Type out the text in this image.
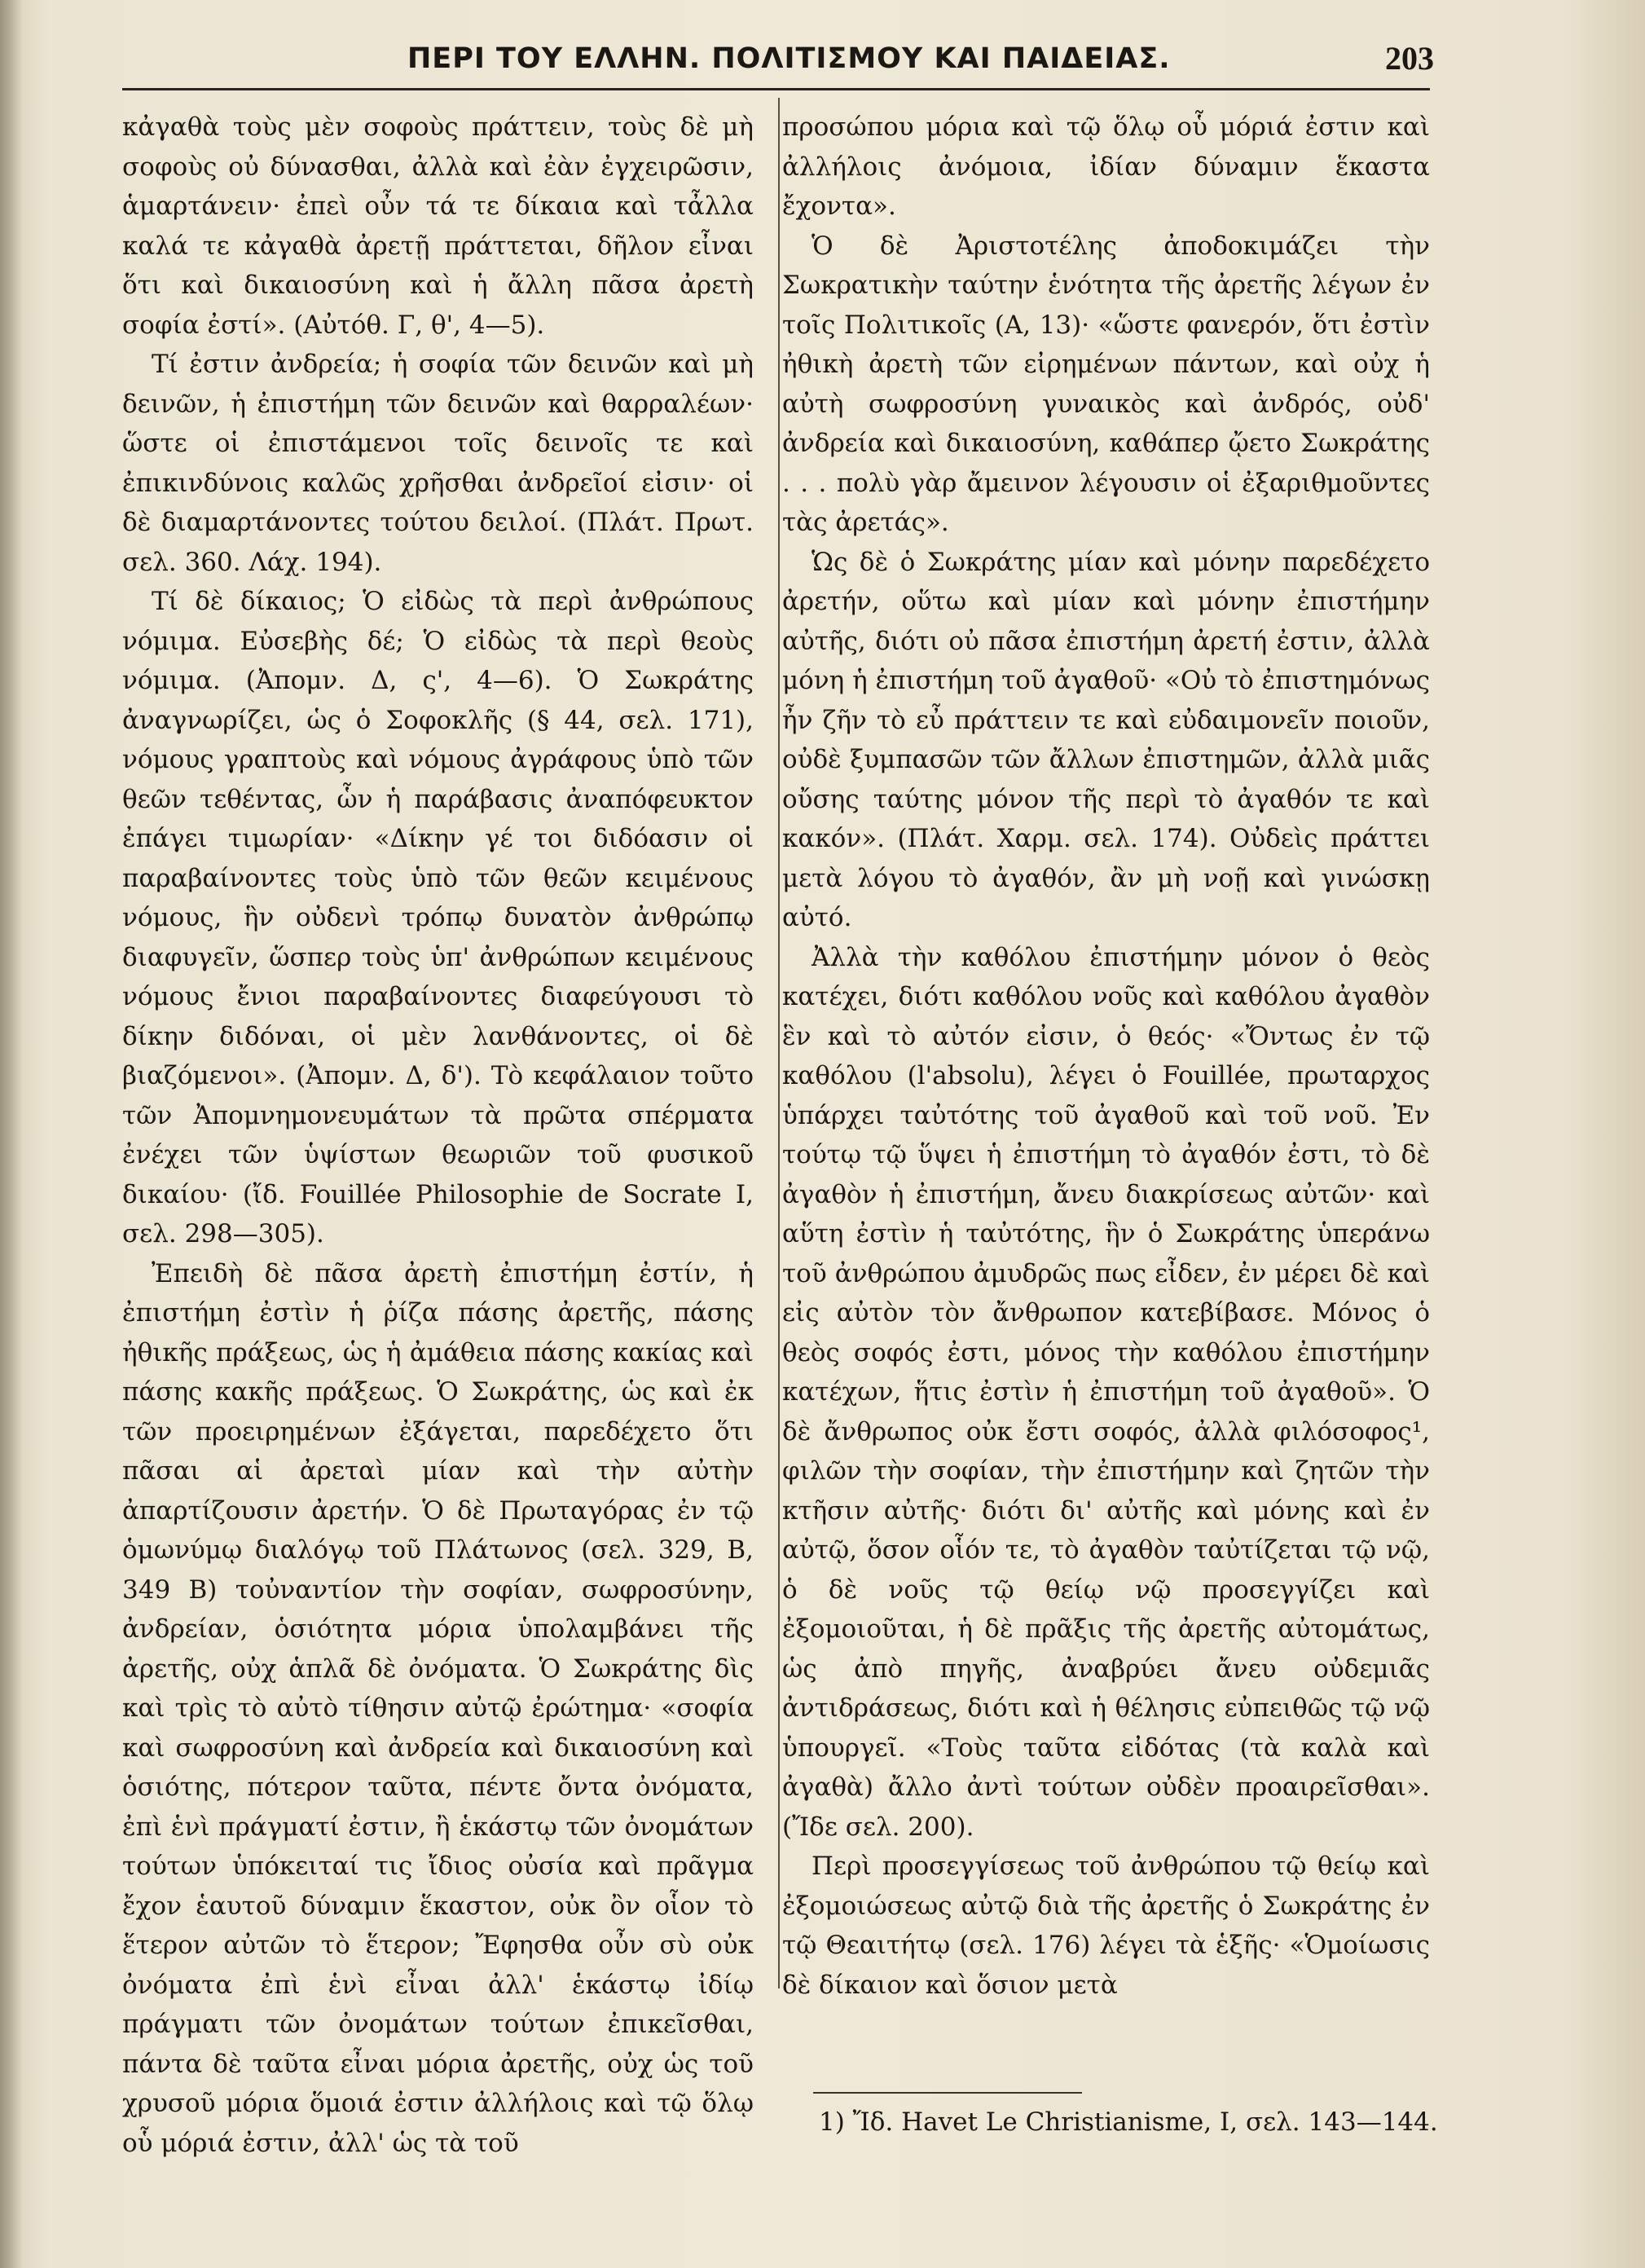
ΠΕΡΙ ΤΟΥ ΕΛΛΗΝ. ΠΟΛΙΤΙΣΜΟΥ ΚΑΙ ΠΑΙΔΕΙΑΣ.	203

κἀγαθὰ τοὺς μὲν σοφοὺς πράττειν, τοὺς δὲ μὴ σοφοὺς οὐ δύνασθαι, ἀλλὰ καὶ ἐὰν ἐγχειρῶσιν, ἁμαρτάνειν· ἐπεὶ οὖν τά τε δίκαια καὶ τἆλλα καλά τε κἀγαθὰ ἀρετῇ πράττεται, δῆλον εἶναι ὅτι καὶ δικαιοσύνη καὶ ἡ ἄλλη πᾶσα ἀρετὴ σοφία ἐστί». (Αὐτόθ. Γ, θ', 4—5).

Τί ἐστιν ἀνδρεία; ἡ σοφία τῶν δεινῶν καὶ μὴ δεινῶν, ἡ ἐπιστήμη τῶν δεινῶν καὶ θαρραλέων· ὥστε οἱ ἐπιστάμενοι τοῖς δεινοῖς τε καὶ ἐπικινδύνοις καλῶς χρῆσθαι ἀνδρεῖοί εἰσιν· οἱ δὲ διαμαρτάνοντες τούτου δειλοί. (Πλάτ. Πρωτ. σελ. 360. Λάχ. 194).

Τί δὲ δίκαιος; Ὁ εἰδὼς τὰ περὶ ἀνθρώπους νόμιμα. Εὐσεβὴς δέ; Ὁ εἰδὼς τὰ περὶ θεοὺς νόμιμα. (Ἀπομν. Δ, ς', 4—6). Ὁ Σωκράτης ἀναγνωρίζει, ὡς ὁ Σοφοκλῆς (§ 44, σελ. 171), νόμους γραπτοὺς καὶ νόμους ἀγράφους ὑπὸ τῶν θεῶν τεθέντας, ὧν ἡ παράβασις ἀναπόφευκτον ἐπάγει τιμωρίαν· «Δίκην γέ τοι διδόασιν οἱ παραβαίνοντες τοὺς ὑπὸ τῶν θεῶν κειμένους νόμους, ἣν οὐδενὶ τρόπῳ δυνατὸν ἀνθρώπῳ διαφυγεῖν, ὥσπερ τοὺς ὑπ' ἀνθρώπων κειμένους νόμους ἔνιοι παραβαίνοντες διαφεύγουσι τὸ δίκην διδόναι, οἱ μὲν λανθάνοντες, οἱ δὲ βιαζόμενοι». (Ἀπομν. Δ, δ'). Τὸ κεφάλαιον τοῦτο τῶν Ἀπομνημονευμάτων τὰ πρῶτα σπέρματα ἐνέχει τῶν ὑψίστων θεωριῶν τοῦ φυσικοῦ δικαίου· (ἴδ. Fouillée Philosophie de Socrate I, σελ. 298—305).

Ἐπειδὴ δὲ πᾶσα ἀρετὴ ἐπιστήμη ἐστίν, ἡ ἐπιστήμη ἐστὶν ἡ ῥίζα πάσης ἀρετῆς, πάσης ἠθικῆς πράξεως, ὡς ἡ ἀμάθεια πάσης κακίας καὶ πάσης κακῆς πράξεως. Ὁ Σωκράτης, ὡς καὶ ἐκ τῶν προειρημένων ἐξάγεται, παρεδέχετο ὅτι πᾶσαι αἱ ἀρεταὶ μίαν καὶ τὴν αὐτὴν ἀπαρτίζουσιν ἀρετήν. Ὁ δὲ Πρωταγόρας ἐν τῷ ὁμωνύμῳ διαλόγῳ τοῦ Πλάτωνος (σελ. 329, Β, 349 Β) τοὐναντίον τὴν σοφίαν, σωφροσύνην, ἀνδρείαν, ὁσιότητα μόρια ὑπολαμβάνει τῆς ἀρετῆς, οὐχ ἁπλᾶ δὲ ὀνόματα. Ὁ Σωκράτης δὶς καὶ τρὶς τὸ αὐτὸ τίθησιν αὐτῷ ἐρώτημα· «σοφία καὶ σωφροσύνη καὶ ἀνδρεία καὶ δικαιοσύνη καὶ ὁσιότης, πότερον ταῦτα, πέντε ὄντα ὀνόματα, ἐπὶ ἑνὶ πράγματί ἐστιν, ἢ ἑκάστῳ τῶν ὀνομάτων τούτων ὑπόκειταί τις ἴδιος οὐσία καὶ πρᾶγμα ἔχον ἑαυτοῦ δύναμιν ἕκαστον, οὐκ ὂν οἷον τὸ ἕτερον αὐτῶν τὸ ἕτερον; Ἔφησθα οὖν σὺ οὐκ ὀνόματα ἐπὶ ἑνὶ εἶναι ἀλλ' ἑκάστῳ ἰδίῳ πράγματι τῶν ὀνομάτων τούτων ἐπικεῖσθαι, πάντα δὲ ταῦτα εἶναι μόρια ἀρετῆς, οὐχ ὡς τοῦ χρυσοῦ μόρια ὅμοιά ἐστιν ἀλλήλοις καὶ τῷ ὅλῳ οὗ μόριά ἐστιν, ἀλλ' ὡς τὰ τοῦ

προσώπου μόρια καὶ τῷ ὅλῳ οὗ μόριά ἐστιν καὶ ἀλλήλοις ἀνόμοια, ἰδίαν δύναμιν ἕκαστα ἔχοντα».

Ὁ δὲ Ἀριστοτέλης ἀποδοκιμάζει τὴν Σωκρατικὴν ταύτην ἑνότητα τῆς ἀρετῆς λέγων ἐν τοῖς Πολιτικοῖς (Α, 13)· «ὥστε φανερόν, ὅτι ἐστὶν ἠθικὴ ἀρετὴ τῶν εἰρημένων πάντων, καὶ οὐχ ἡ αὐτὴ σωφροσύνη γυναικὸς καὶ ἀνδρός, οὐδ' ἀνδρεία καὶ δικαιοσύνη, καθάπερ ᾤετο Σωκράτης . . . πολὺ γὰρ ἄμεινον λέγουσιν οἱ ἐξαριθμοῦντες τὰς ἀρετάς».

Ὡς δὲ ὁ Σωκράτης μίαν καὶ μόνην παρεδέχετο ἀρετήν, οὕτω καὶ μίαν καὶ μόνην ἐπιστήμην αὐτῆς, διότι οὐ πᾶσα ἐπιστήμη ἀρετή ἐστιν, ἀλλὰ μόνη ἡ ἐπιστήμη τοῦ ἀγαθοῦ· «Οὐ τὸ ἐπιστημόνως ἦν ζῆν τὸ εὖ πράττειν τε καὶ εὐδαιμονεῖν ποιοῦν, οὐδὲ ξυμπασῶν τῶν ἄλλων ἐπιστημῶν, ἀλλὰ μιᾶς οὔσης ταύτης μόνον τῆς περὶ τὸ ἀγαθόν τε καὶ κακόν». (Πλάτ. Χαρμ. σελ. 174). Οὐδεὶς πράττει μετὰ λόγου τὸ ἀγαθόν, ἂν μὴ νοῇ καὶ γινώσκῃ αὐτό.

Ἀλλὰ τὴν καθόλου ἐπιστήμην μόνον ὁ θεὸς κατέχει, διότι καθόλου νοῦς καὶ καθόλου ἀγαθὸν ἓν καὶ τὸ αὐτόν εἰσιν, ὁ θεός· «Ὄντως ἐν τῷ καθόλου (l'absolu), λέγει ὁ Fouillée, πρωταρχος ὑπάρχει ταὐτότης τοῦ ἀγαθοῦ καὶ τοῦ νοῦ. Ἐν τούτῳ τῷ ὕψει ἡ ἐπιστήμη τὸ ἀγαθόν ἐστι, τὸ δὲ ἀγαθὸν ἡ ἐπιστήμη, ἄνευ διακρίσεως αὐτῶν· καὶ αὕτη ἐστὶν ἡ ταὐτότης, ἣν ὁ Σωκράτης ὑπεράνω τοῦ ἀνθρώπου ἀμυδρῶς πως εἶδεν, ἐν μέρει δὲ καὶ εἰς αὐτὸν τὸν ἄνθρωπον κατεβίβασε. Μόνος ὁ θεὸς σοφός ἐστι, μόνος τὴν καθόλου ἐπιστήμην κατέχων, ἥτις ἐστὶν ἡ ἐπιστήμη τοῦ ἀγαθοῦ». Ὁ δὲ ἄνθρωπος οὐκ ἔστι σοφός, ἀλλὰ φιλόσοφος¹, φιλῶν τὴν σοφίαν, τὴν ἐπιστήμην καὶ ζητῶν τὴν κτῆσιν αὐτῆς· διότι δι' αὐτῆς καὶ μόνης καὶ ἐν αὐτῷ, ὅσον οἷόν τε, τὸ ἀγαθὸν ταὐτίζεται τῷ νῷ, ὁ δὲ νοῦς τῷ θείῳ νῷ προσεγγίζει καὶ ἐξομοιοῦται, ἡ δὲ πρᾶξις τῆς ἀρετῆς αὐτομάτως, ὡς ἀπὸ πηγῆς, ἀναβρύει ἄνευ οὐδεμιᾶς ἀντιδράσεως, διότι καὶ ἡ θέλησις εὐπειθῶς τῷ νῷ ὑπουργεῖ. «Τοὺς ταῦτα εἰδότας (τὰ καλὰ καὶ ἀγαθὰ) ἄλλο ἀντὶ τούτων οὐδὲν προαιρεῖσθαι». (Ἴδε σελ. 200).

Περὶ προσεγγίσεως τοῦ ἀνθρώπου τῷ θείῳ καὶ ἐξομοιώσεως αὐτῷ διὰ τῆς ἀρετῆς ὁ Σωκράτης ἐν τῷ Θεαιτήτῳ (σελ. 176) λέγει τὰ ἑξῆς· «Ὁμοίωσις δὲ δίκαιον καὶ ὅσιον μετὰ

1) Ἴδ. Havet Le Christianisme, I, σελ. 143—144.
